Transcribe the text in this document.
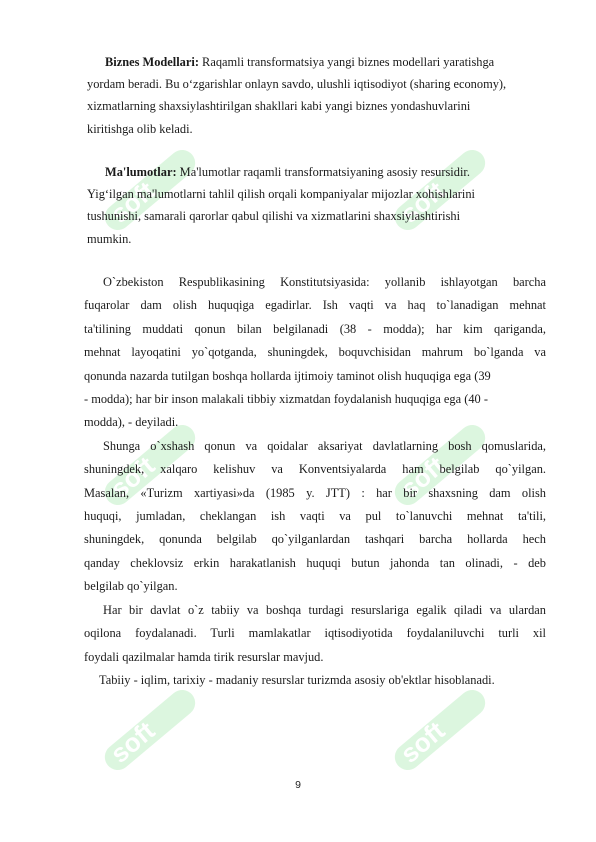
soft	soft
soft	soft
soft	soft
Biznes Modellari: Raqamli transformatsiya yangi biznes modellari yaratishga
yordam beradi. Bu o‘zgarishlar onlayn savdo, ulushli iqtisodiyot (sharing economy),
xizmatlarning shaxsiylashtirilgan shakllari kabi yangi biznes yondashuvlarini
kiritishga olib keladi.
Ma'lumotlar: Ma'lumotlar raqamli transformatsiyaning asosiy resursidir.
Yig‘ilgan ma'lumotlarni tahlil qilish orqali kompaniyalar mijozlar xohishlarini
tushunishi, samarali qarorlar qabul qilishi va xizmatlarini shaxsiylashtirishi
mumkin.
O`zbekiston Respublikasining Konstitutsiyasida: yollanib ishlayotgan barcha
fuqarolar dam olish huquqiga egadirlar. Ish vaqti va haq to`lanadigan mehnat
ta'tilining muddati qonun bilan belgilanadi (38 - modda); har kim qariganda,
mehnat layoqatini yo`qotganda, shuningdek, boquvchisidan mahrum bo`lganda va
qonunda nazarda tutilgan boshqa hollarda ijtimoiy taminot olish huquqiga ega (39
- modda); har bir inson malakali tibbiy xizmatdan foydalanish huquqiga ega (40 -
modda), - deyiladi.
Shunga o`xshash qonun va qoidalar aksariyat davlatlarning bosh qomuslarida,
shuningdek, xalqaro kelishuv va Konventsiyalarda ham belgilab qo`yilgan.
Masalan, «Turizm xartiyasi»da (1985 y. JTT) : har bir shaxsning dam olish
huquqi, jumladan, cheklangan ish vaqti va pul to`lanuvchi mehnat ta'tili,
shuningdek, qonunda belgilab qo`yilganlardan tashqari barcha hollarda hech
qanday cheklovsiz erkin harakatlanish huquqi butun jahonda tan olinadi, - deb
belgilab qo`yilgan.
Har bir davlat o`z tabiiy va boshqa turdagi resurslariga egalik qiladi va ulardan
oqilona foydalanadi. Turli mamlakatlar iqtisodiyotida foydalaniluvchi turli xil
foydali qazilmalar hamda tirik resurslar mavjud.
Tabiiy - iqlim, tarixiy - madaniy resurslar turizmda asosiy ob'ektlar hisoblanadi.
9
